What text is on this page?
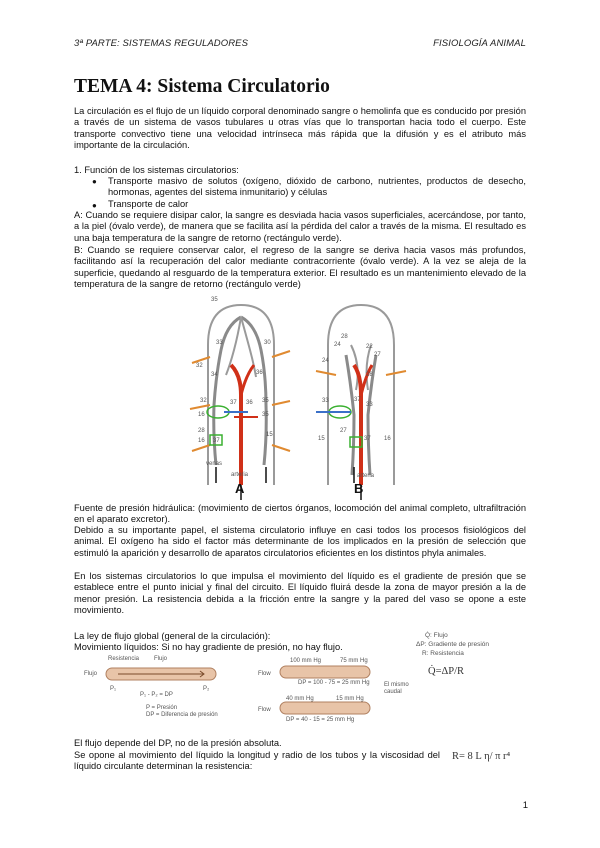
3ª PARTE: SISTEMAS REGULADORES	FISIOLOGÍA ANIMAL
TEMA 4: Sistema Circulatorio
La circulación es el flujo de un líquido corporal denominado sangre o hemolinfa que es conducido por presión a través de un sistema de vasos tubulares u otras vías que lo transportan hacia todo el cuerpo. Este transporte convectivo tiene una velocidad intrínseca más rápida que la difusión y es el atributo más importante de la circulación.
1. Función de los sistemas circulatorios:
● Transporte masivo de solutos (oxígeno, dióxido de carbono, nutrientes, productos de desecho, hormonas, agentes del sistema inmunitario) y células
● Transporte de calor
A: Cuando se requiere disipar calor, la sangre es desviada hacia vasos superficiales, acercándose, por tanto, a la piel (óvalo verde), de manera que se facilita así la pérdida del calor a través de la misma. El resultado es una baja temperatura de la sangre de retorno (rectángulo verde).
B: Cuando se requiere conservar calor, el regreso de la sangre se deriva hacia vasos más profundos, facilitando así la recuperación del calor mediante contracorriente (óvalo verde). A la vez se aleja de la superficie, quedando al resguardo de la temperatura exterior. El resultado es un mantenimiento elevado de la temperatura de la sangre de retorno (rectángulo verde)
35
33
32
30
34	36
37 36 35
32
16	35
28
37
16
15
28
24	22
27
24
28
37
33
33
27
15	37 16
venas
arteria	arteria
A	B
Fuente de presión hidráulica: (movimiento de ciertos órganos, locomoción del animal completo, ultrafiltración en el aparato excretor).
Debido a su importante papel, el sistema circulatorio influye en casi todos los procesos fisiológicos del animal. El oxígeno ha sido el factor más determinante de los implicados en la presión de selección que estimuló la aparición y desarrollo de aparatos circulatorios eficientes en los distintos phyla animales.
En los sistemas circulatorios lo que impulsa el movimiento del líquido es el gradiente de presión que se establece entre el punto inicial y final del circuito. El líquido fluirá desde la zona de mayor presión a la de menor presión. La resistencia debida a la fricción entre la sangre y la pared del vaso se opone a este movimiento.
La ley de flujo global (general de la circulación):
Movimiento líquidos: Si no hay gradiente de presión, no hay flujo.
Q̇: Flujo
ΔP: Gradiente de presión
R: Resistencia
Q̇=ΔP/R
Resistencia Flujo
Flujo
P₁	P₂
P₁ - P₂ = DP
P = Presión
DP = Diferencia de presión
100 mm Hg	75 mm Hg
Flow
DP = 100 - 75 = 25 mm Hg
40 mm Hg	15 mm Hg
Flow
DP = 40 - 15 = 25 mm Hg
El mismo caudal
El flujo depende del DP, no de la presión absoluta.
Se opone al movimiento del líquido la longitud y radio de los tubos y la viscosidad del líquido circulante determinan la resistencia:
R= 8 L η/ π r⁴
1
